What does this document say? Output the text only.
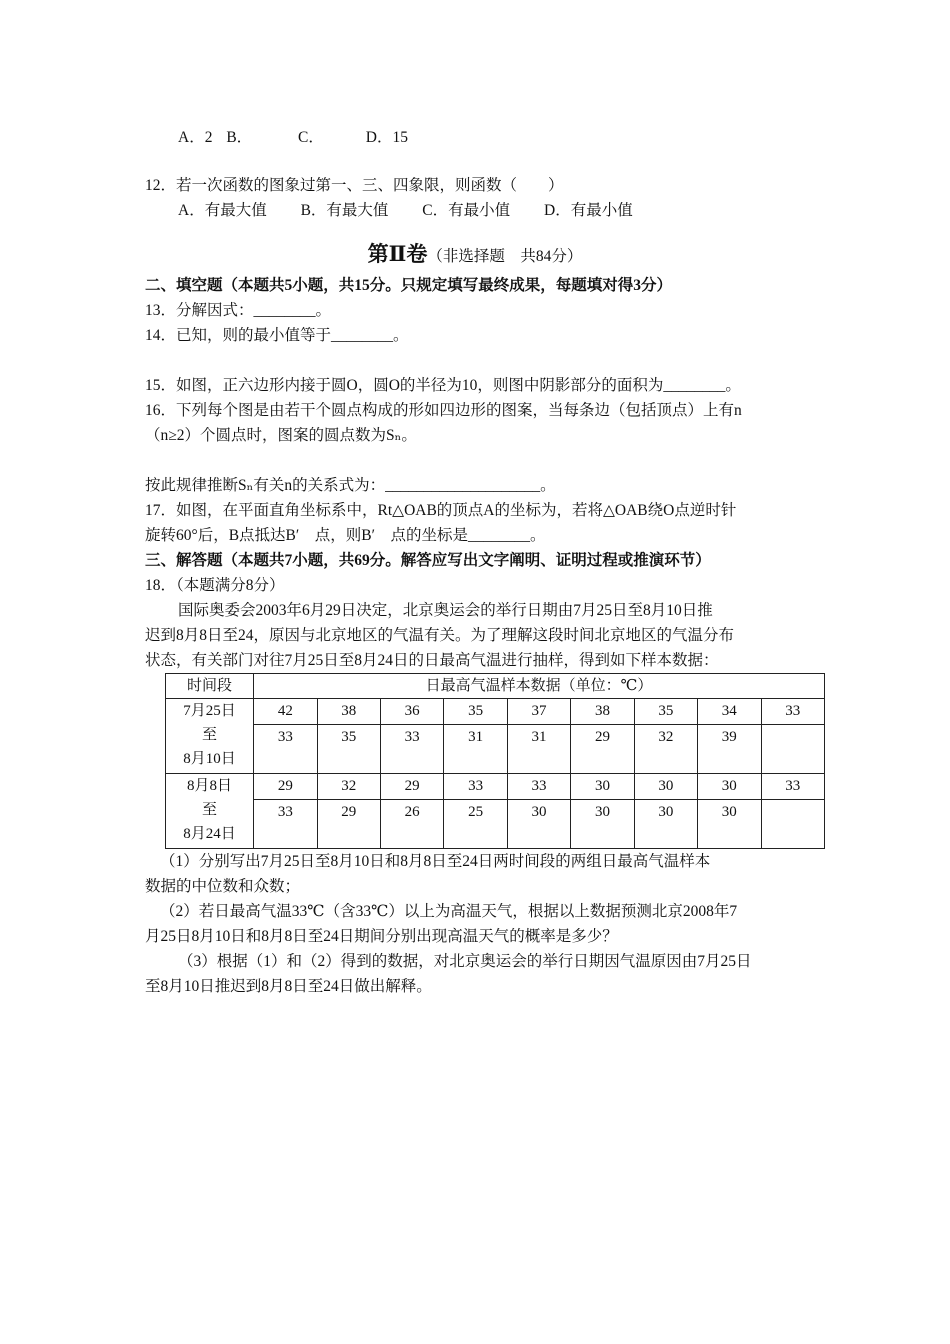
A．2 B．	C．	D．15
12．若一次函数的图象过第一、三、四象限，则函数（　　）
A．有最大值 B．有最大值 C．有最小值 D．有最小值
第Ⅱ卷（非选择题　共84分）
二、填空题（本题共5小题，共15分。只规定填写最终成果，每题填对得3分）
13．分解因式：________。
14．已知，则的最小值等于________。
15．如图，正六边形内接于圆O，圆O的半径为10，则图中阴影部分的面积为________。
16．下列每个图是由若干个圆点构成的形如四边形的图案，当每条边（包括顶点）上有n
（n≥2）个圆点时，图案的圆点数为Sₙ。
按此规律推断Sₙ有关n的关系式为：____________________。
17．如图，在平面直角坐标系中，Rt△OAB的顶点A的坐标为，若将△OAB绕O点逆时针
旋转60°后，B点抵达B′　点，则B′　点的坐标是________。
三、解答题（本题共7小题，共69分。解答应写出文字阐明、证明过程或推演环节）
18．（本题满分8分）
国际奥委会2003年6月29日决定，北京奥运会的举行日期由7月25日至8月10日推
迟到8月8日至24，原因与北京地区的气温有关。为了理解这段时间北京地区的气温分布
状态，有关部门对往7月25日至8月24日的日最高气温进行抽样，得到如下样本数据：
时间段	日最高气温样本数据（单位：℃）								

7月25日
至
8月10日	42	38	36	35	37	38	35	34	33
	33	35	33	31	31	29	32	39	

8月8日
至
8月24日	29	32	29	33	33	30	30	30	33
	33	29	26	25	30	30	30	30	
（1）分别写出7月25日至8月10日和8月8日至24日两时间段的两组日最高气温样本
数据的中位数和众数；
（2）若日最高气温33℃（含33℃）以上为高温天气，根据以上数据预测北京2008年7
月25日8月10日和8月8日至24日期间分别出现高温天气的概率是多少？
（3）根据（1）和（2）得到的数据，对北京奥运会的举行日期因气温原因由7月25日
至8月10日推迟到8月8日至24日做出解释。
